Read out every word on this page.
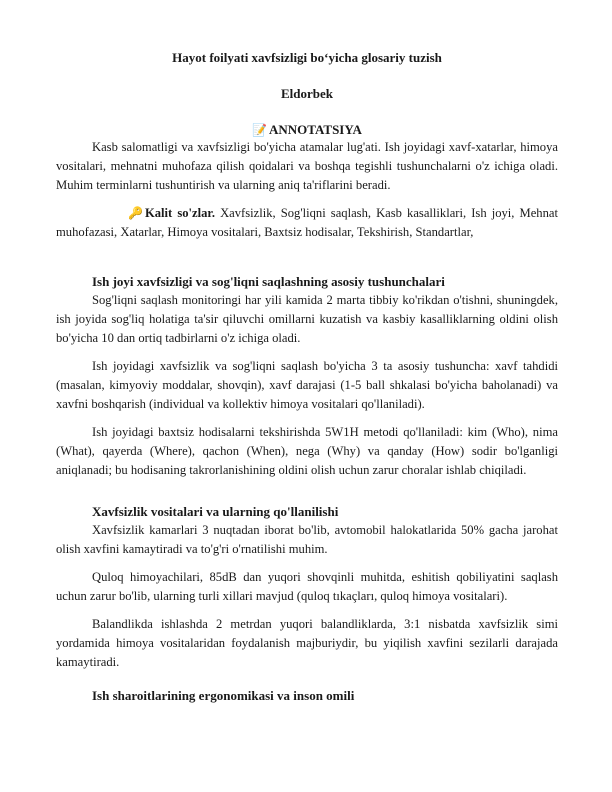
Hayot foilyati xavfsizligi bo‘yicha glosariy tuzish
Eldorbek
📝 ANNOTATSIYA

Kasb salomatligi va xavfsizligi bo'yicha atamalar lug'ati. Ish joyidagi xavf-xatarlar, himoya vositalari, mehnatni muhofaza qilish qoidalari va boshqa tegishli tushunchalarni o'z ichiga oladi. Muhim terminlarni tushuntirish va ularning aniq ta'riflarini beradi.

🔑 Kalit so'zlar. Xavfsizlik, Sog'liqni saqlash, Kasb kasalliklari, Ish joyi, Mehnat muhofazasi, Xatarlar, Himoya vositalari, Baxtsiz hodisalar, Tekshirish, Standartlar,

Ish joyi xavfsizligi va sog'liqni saqlashning asosiy tushunchalari

Sog'liqni saqlash monitoringi har yili kamida 2 marta tibbiy ko'rikdan o'tishni, shuningdek, ish joyida sog'liq holatiga ta'sir qiluvchi omillarni kuzatish va kasbiy kasalliklarning oldini olish bo'yicha 10 dan ortiq tadbirlarni o'z ichiga oladi.

Ish joyidagi xavfsizlik va sog'liqni saqlash bo'yicha 3 ta asosiy tushuncha: xavf tahdidi (masalan, kimyoviy moddalar, shovqin), xavf darajasi (1-5 ball shkalasi bo'yicha baholanadi) va xavfni boshqarish (individual va kollektiv himoya vositalari qo'llaniladi).

Ish joyidagi baxtsiz hodisalarni tekshirishda 5W1H metodi qo'llaniladi: kim (Who), nima (What), qayerda (Where), qachon (When), nega (Why) va qanday (How) sodir bo'lganligi aniqlanadi; bu hodisaning takrorlanishining oldini olish uchun zarur choralar ishlab chiqiladi.

Xavfsizlik vositalari va ularning qo'llanilishi

Xavfsizlik kamarlari 3 nuqtadan iborat bo'lib, avtomobil halokatlarida 50% gacha jarohat olish xavfini kamaytiradi va to'g'ri o'rnatilishi muhim.

Quloq himoyachilari, 85dB dan yuqori shovqinli muhitda, eshitish qobiliyatini saqlash uchun zarur bo'lib, ularning turli xillari mavjud (quloq tıkaçları, quloq himoya vositalari).

Balandlikda ishlashda 2 metrdan yuqori balandliklarda, 3:1 nisbatda xavfsizlik simi yordamida himoya vositalaridan foydalanish majburiydir, bu yiqilish xavfini sezilarli darajada kamaytiradi.

Ish sharoitlarining ergonomikasi va inson omili
